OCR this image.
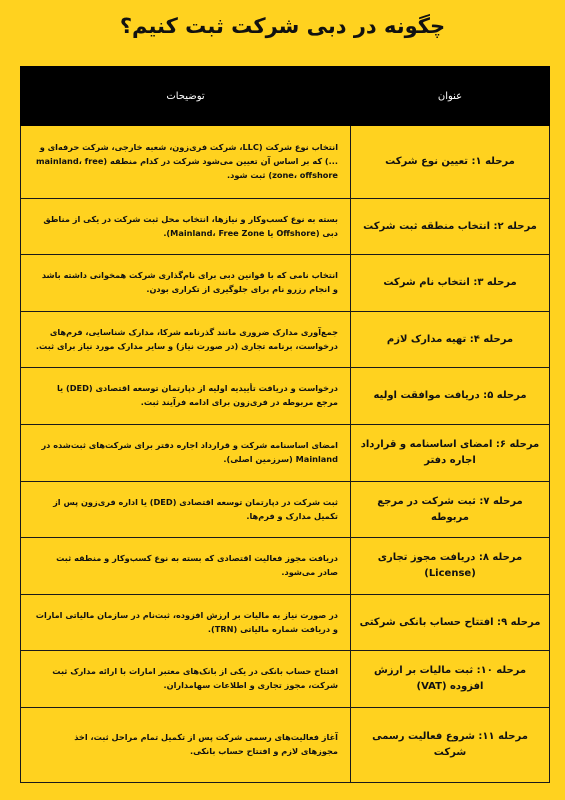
چگونه در دبی شرکت ثبت کنیم؟
عنوان	توضیحات
مرحله ۱: تعیین نوع شرکت	انتخاب نوع شرکت (LLC، شرکت فری‌زون، شعبه خارجی، شرکت حرفه‌ای و ...) که بر اساس آن تعیین می‌شود شرکت در کدام منطقه (mainland، free zone، offshore) ثبت شود.
مرحله ۲: انتخاب منطقه ثبت شرکت	بسته به نوع کسب‌وکار و نیازها، انتخاب محل ثبت شرکت در یکی از مناطق دبی (Offshore یا Mainland، Free Zone).
مرحله ۳: انتخاب نام شرکت	انتخاب نامی که با قوانین دبی برای نام‌گذاری شرکت همخوانی داشته باشد و انجام رزرو نام برای جلوگیری از تکراری بودن.
مرحله ۴: تهیه مدارک لازم	جمع‌آوری مدارک ضروری مانند گذرنامه شرکا، مدارک شناسایی، فرم‌های درخواست، برنامه تجاری (در صورت نیاز) و سایر مدارک مورد نیاز برای ثبت.
مرحله ۵: دریافت موافقت اولیه	درخواست و دریافت تأییدیه اولیه از دپارتمان توسعه اقتصادی (DED) یا مرجع مربوطه در فری‌زون برای ادامه فرآیند ثبت.
مرحله ۶: امضای اساسنامه و قرارداد اجاره دفتر	امضای اساسنامه شرکت و قرارداد اجاره دفتر برای شرکت‌های ثبت‌شده در Mainland (سرزمین اصلی).
مرحله ۷: ثبت شرکت در مرجع مربوطه	ثبت شرکت در دپارتمان توسعه اقتصادی (DED) یا اداره فری‌زون پس از تکمیل مدارک و فرم‌ها.
مرحله ۸: دریافت مجوز تجاری (License)	دریافت مجوز فعالیت اقتصادی که بسته به نوع کسب‌وکار و منطقه ثبت صادر می‌شود.
مرحله ۹: افتتاح حساب بانکی شرکتی	در صورت نیاز به مالیات بر ارزش افزوده، ثبت‌نام در سازمان مالیاتی امارات و دریافت شماره مالیاتی (TRN).
مرحله ۱۰: ثبت مالیات بر ارزش افزوده (VAT)	افتتاح حساب بانکی در یکی از بانک‌های معتبر امارات با ارائه مدارک ثبت شرکت، مجوز تجاری و اطلاعات سهامداران.
مرحله ۱۱: شروع فعالیت رسمی شرکت	آغاز فعالیت‌های رسمی شرکت پس از تکمیل تمام مراحل ثبت، اخذ مجوزهای لازم و افتتاح حساب بانکی.
